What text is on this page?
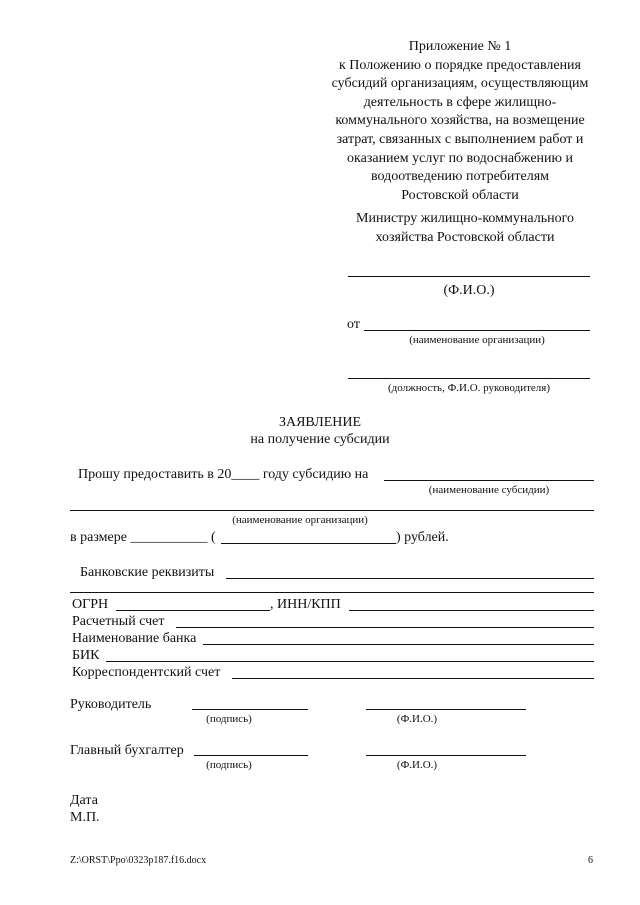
Приложение № 1
к Положению о порядке предоставления
субсидий организациям, осуществляющим
деятельность в сфере жилищно-
коммунального хозяйства, на возмещение
затрат, связанных с выполнением работ и
оказанием услуг по водоснабжению и
водоотведению потребителям
Ростовской области
Министру жилищно-коммунального
хозяйства Ростовской области
(Ф.И.О.)
от
(наименование организации)
(должность, Ф.И.О. руководителя)
ЗАЯВЛЕНИЕ
на получение субсидии
Прошу предоставить в 20____ году субсидию на
(наименование субсидии)
(наименование организации)
в размере ___________ (	) рублей.
Банковские реквизиты
ОГРН	, ИНН/КПП
Расчетный счет
Наименование банка
БИК
Корреспондентский счет
Руководитель
(подпись)	(Ф.И.О.)
Главный бухгалтер
(подпись)	(Ф.И.О.)
Дата
М.П.
Z:\ORST\Ppo\0323p187.f16.docx	6
